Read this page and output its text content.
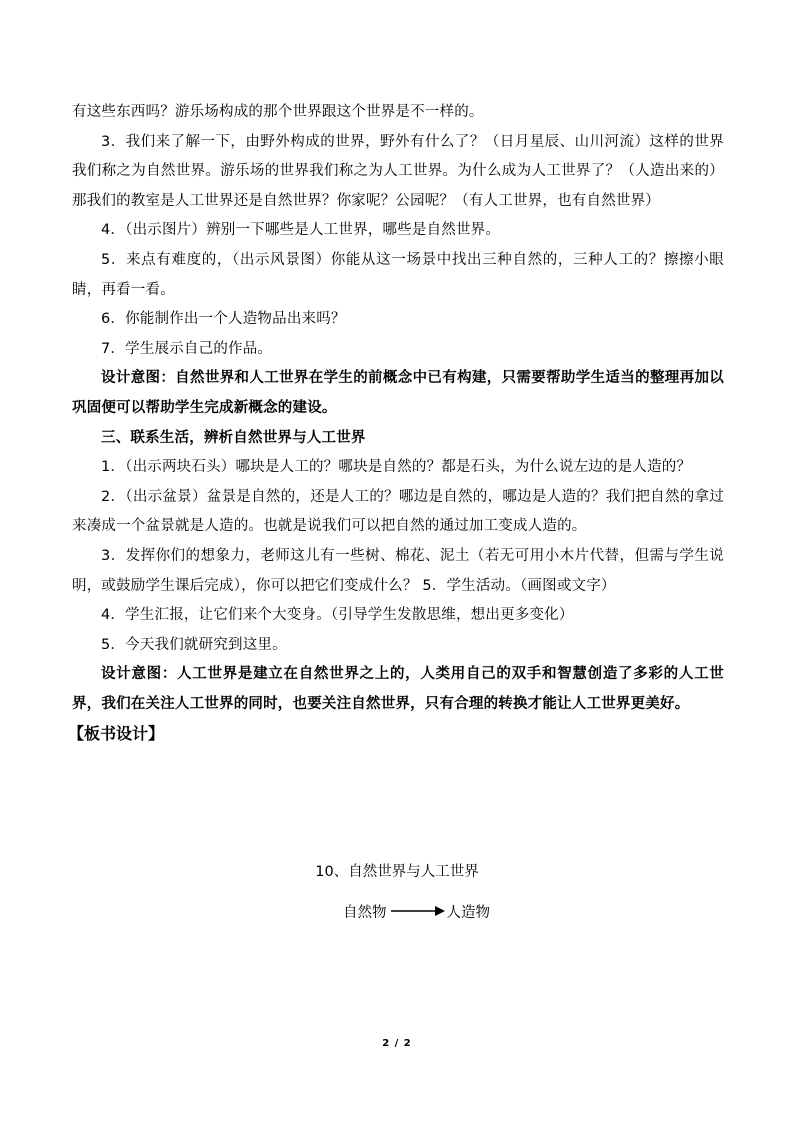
有这些东西吗？游乐场构成的那个世界跟这个世界是不一样的。

3．我们来了解一下，由野外构成的世界，野外有什么了？（日月星辰、山川河流）这样的世界我们称之为自然世界。游乐场的世界我们称之为人工世界。为什么成为人工世界了？（人造出来的）那我们的教室是人工世界还是自然世界？你家呢？公园呢？（有人工世界，也有自然世界）

4．（出示图片）辨别一下哪些是人工世界，哪些是自然世界。

5．来点有难度的，（出示风景图）你能从这一场景中找出三种自然的，三种人工的？擦擦小眼睛，再看一看。

6．你能制作出一个人造物品出来吗？

7．学生展示自己的作品。

设计意图：自然世界和人工世界在学生的前概念中已有构建，只需要帮助学生适当的整理再加以巩固便可以帮助学生完成新概念的建设。

三、联系生活，辨析自然世界与人工世界

1．（出示两块石头）哪块是人工的？哪块是自然的？都是石头，为什么说左边的是人造的？

2．（出示盆景）盆景是自然的，还是人工的？哪边是自然的，哪边是人造的？我们把自然的拿过来凑成一个盆景就是人造的。也就是说我们可以把自然的通过加工变成人造的。

3．发挥你们的想象力，老师这儿有一些树、棉花、泥土（若无可用小木片代替，但需与学生说明，或鼓励学生课后完成），你可以把它们变成什么？ 5．学生活动。（画图或文字）

4．学生汇报，让它们来个大变身。（引导学生发散思维，想出更多变化）

5．今天我们就研究到这里。

设计意图：人工世界是建立在自然世界之上的，人类用自己的双手和智慧创造了多彩的人工世界，我们在关注人工世界的同时，也要关注自然世界，只有合理的转换才能让人工世界更美好。

【板书设计】

10、自然世界与人工世界
自然物	人造物
2 / 2
